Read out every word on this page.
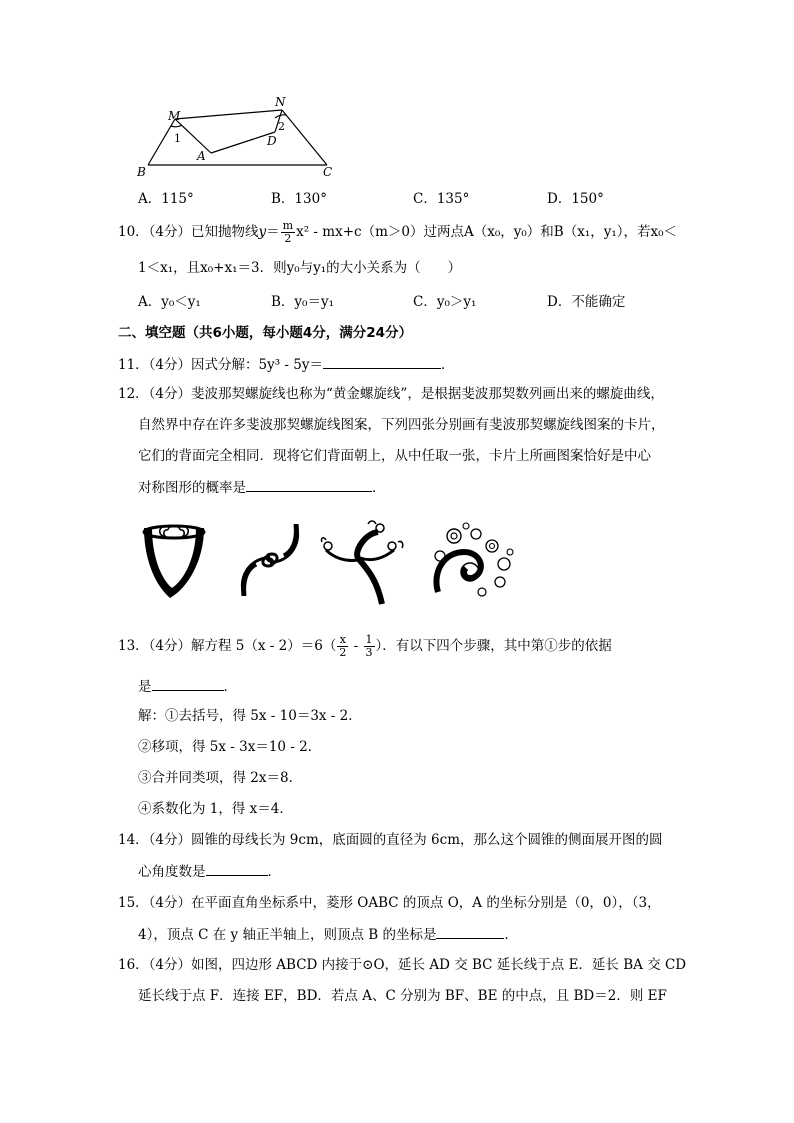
M
N
A
D
B	C
1
2
A．115°	B．130°	C．135°	D．150°
10．（4分）已知抛物线$y= \frac{m}{2} x^2 - mx+c(m>0)$过两点A（x₀，y₀）和B（x₁，y₁），若x₀＜
1＜x₁，且x₀+x₁＝3．则y₀与y₁的大小关系为（　　）
A．y₀＜y₁	B．y₀＝y₁	C．y₀＞y₁	D．不能确定
二、填空题（共6小题，每小题4分，满分24分）
11．（4分）因式分解：5y³ - 5y＝	．
12．（4分）斐波那契螺旋线也称为“黄金螺旋线”，是根据斐波那契数列画出来的螺旋曲线，
自然界中存在许多斐波那契螺旋线图案，下列四张分别画有斐波那契螺旋线图案的卡片，
它们的背面完全相同．现将它们背面朝上，从中任取一张，卡片上所画图案恰好是中心
对称图形的概率是	．
13．（4分）解方程 $5(x - 2)=6( \frac{x}{2} - \frac{1}{3}$ ）．有以下四个步骤，其中第①步的依据
是	．
解：①去括号，得 5x - 10＝3x - 2．
②移项，得 5x - 3x＝10 - 2．
③合并同类项，得 2x＝8．
④系数化为 1，得 x＝4．
14．（4分）圆锥的母线长为 9cm，底面圆的直径为 6cm，那么这个圆锥的侧面展开图的圆
心角度数是	．
15．（4分）在平面直角坐标系中，菱形 OABC 的顶点 O，A 的坐标分别是（0，0），（3，
4），顶点 C 在 y 轴正半轴上，则顶点 B 的坐标是	．
16．（4分）如图，四边形 ABCD 内接于⊙O，延长 AD 交 BC 延长线于点 E．延长 BA 交 CD
延长线于点 F．连接 EF，BD．若点 A、C 分别为 BF、BE 的中点，且 BD＝2．则 EF
